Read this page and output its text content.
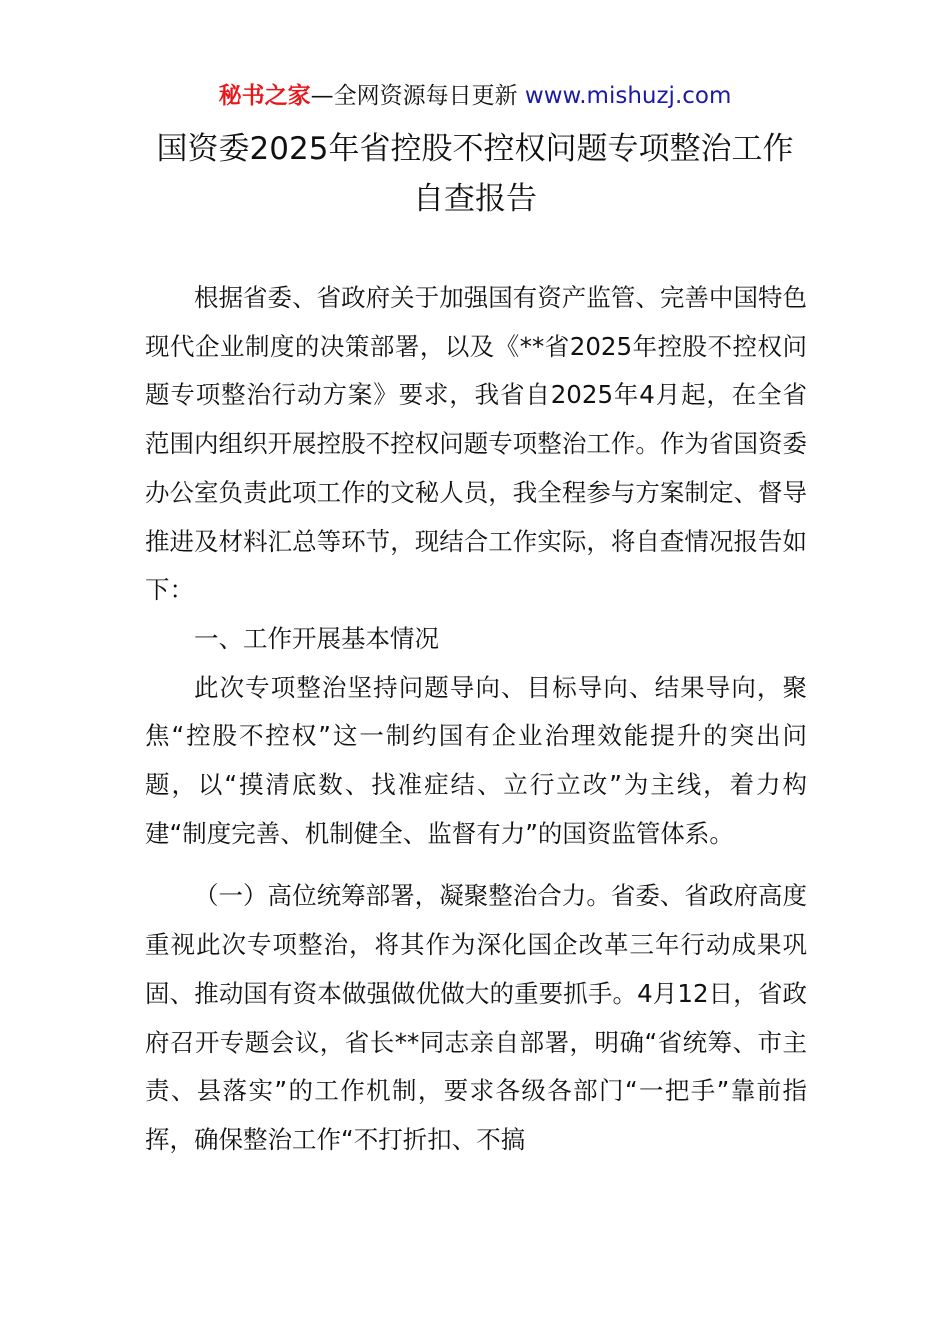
秘书之家—全网资源每日更新 www.mishuzj.com
国资委2025年省控股不控权问题专项整治工作
自查报告

根据省委、省政府关于加强国有资产监管、完善中国特色现代企业制度的决策部署，以及《**省2025年控股不控权问题专项整治行动方案》要求，我省自2025年4月起，在全省范围内组织开展控股不控权问题专项整治工作。作为省国资委办公室负责此项工作的文秘人员，我全程参与方案制定、督导推进及材料汇总等环节，现结合工作实际，将自查情况报告如下：

一、工作开展基本情况

此次专项整治坚持问题导向、目标导向、结果导向，聚焦“控股不控权”这一制约国有企业治理效能提升的突出问题，以“摸清底数、找准症结、立行立改”为主线，着力构建“制度完善、机制健全、监督有力”的国资监管体系。

（一）高位统筹部署，凝聚整治合力。省委、省政府高度重视此次专项整治，将其作为深化国企改革三年行动成果巩固、推动国有资本做强做优做大的重要抓手。4月12日，省政府召开专题会议，省长**同志亲自部署，明确“省统筹、市主责、县落实”的工作机制，要求各级各部门“一把手”靠前指挥，确保整治工作“不打折扣、不搞
